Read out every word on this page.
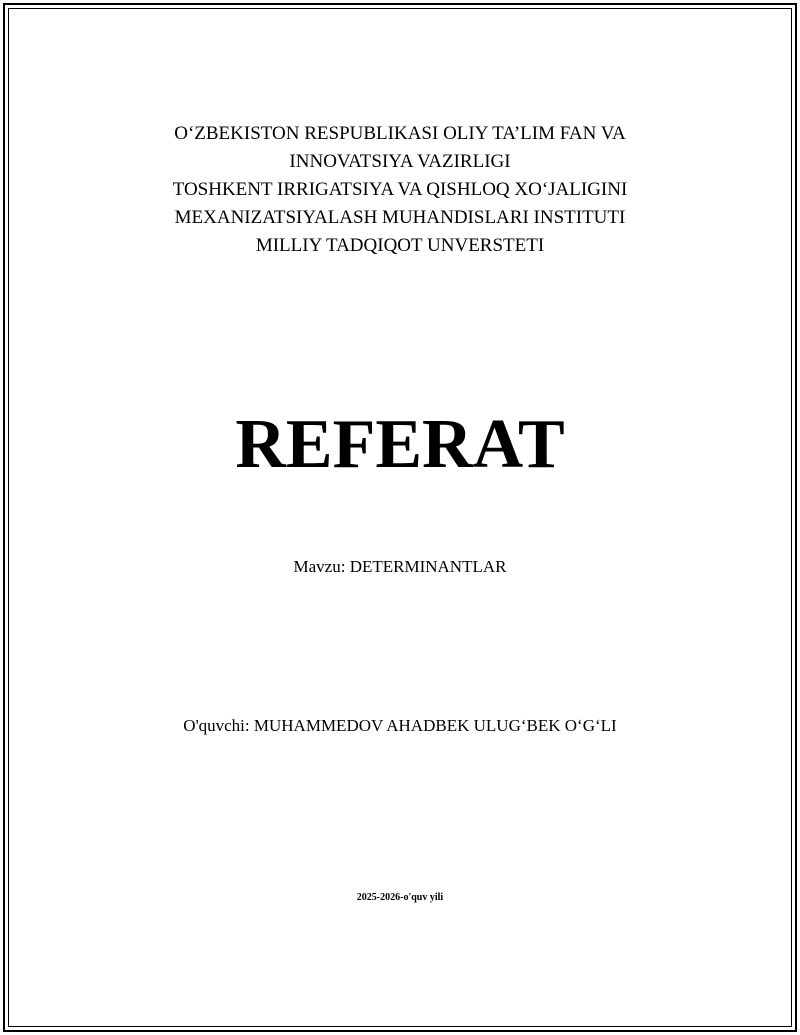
O‘ZBEKISTON RESPUBLIKASI OLIY TA’LIM FAN VA
INNOVATSIYA VAZIRLIGI
TOSHKENT IRRIGATSIYA VA QISHLOQ XO‘JALIGINI
MEXANIZATSIYALASH MUHANDISLARI INSTITUTI
MILLIY TADQIQOT UNVERSTETI
REFERAT
Mavzu: DETERMINANTLAR
O'quvchi: MUHAMMEDOV AHADBEK ULUG‘BEK O‘G‘LI
2025-2026-o'quv yili
